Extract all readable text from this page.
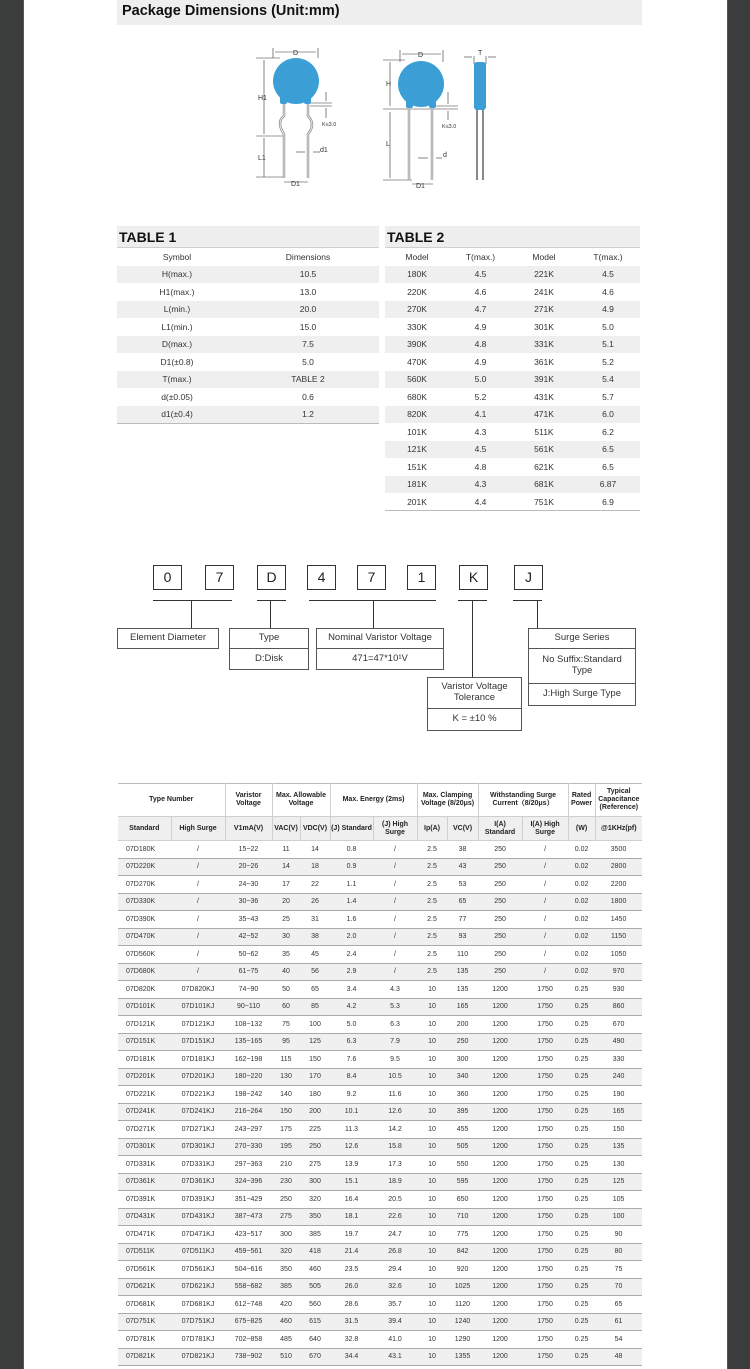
Package Dimensions (Unit:mm)
D
H1
L1
D1
d1
K≤3.0
D
H
L
D1
d
K≤3.0
T
TABLE 1
Symbol	Dimensions
H(max.)	10.5
H1(max.)	13.0
L(min.)	20.0
L1(min.)	15.0
D(max.)	7.5
D1(±0.8)	5.0
T(max.)	TABLE 2
d(±0.05)	0.6
d1(±0.4)	1.2
TABLE 2
Model	T(max.)	Model	T(max.)
180K	4.5	221K	4.5
220K	4.6	241K	4.6
270K	4.7	271K	4.9
330K	4.9	301K	5.0
390K	4.8	331K	5.1
470K	4.9	361K	5.2
560K	5.0	391K	5.4
680K	5.2	431K	5.7
820K	4.1	471K	6.0
101K	4.3	511K	6.2
121K	4.5	561K	6.5
151K	4.8	621K	6.5
181K	4.3	681K	6.87
201K	4.4	751K	6.9
0	7	D	4	7	1	K	J
Element Diameter	Type
D:Disk
Nominal Varistor Voltage
471=47*10¹V
Varistor Voltage Tolerance
K = ±10 %
Surge Series
No Suffix:Standard Type
J:High Surge Type
Type Number		Varistor Voltage	Max. Allowable Voltage		Max. Energy (2ms)		Max. Clamping Voltage (8/20μs)		Withstanding Surge Current（8/20μs）		Rated Power	Typical Capacitance (Reference)
Standard	High Surge	V1mA(V)	VAC(V)	VDC(V)	(J) Standard	(J) High Surge	Ip(A)	VC(V)	I(A) Standard	I(A) High Surge	(W)	@1KHz(pf)
07D180K	/	15~22	11	14	0.8	/	2.5	38	250	/	0.02	3500
07D220K	/	20~26	14	18	0.9	/	2.5	43	250	/	0.02	2800
07D270K	/	24~30	17	22	1.1	/	2.5	53	250	/	0.02	2200
07D330K	/	30~36	20	26	1.4	/	2.5	65	250	/	0.02	1800
07D390K	/	35~43	25	31	1.6	/	2.5	77	250	/	0.02	1450
07D470K	/	42~52	30	38	2.0	/	2.5	93	250	/	0.02	1150
07D560K	/	50~62	35	45	2.4	/	2.5	110	250	/	0.02	1050
07D680K	/	61~75	40	56	2.9	/	2.5	135	250	/	0.02	970
07D820K	07D820KJ	74~90	50	65	3.4	4.3	10	135	1200	1750	0.25	930
07D101K	07D101KJ	90~110	60	85	4.2	5.3	10	165	1200	1750	0.25	860
07D121K	07D121KJ	108~132	75	100	5.0	6.3	10	200	1200	1750	0.25	670
07D151K	07D151KJ	135~165	95	125	6.3	7.9	10	250	1200	1750	0.25	490
07D181K	07D181KJ	162~198	115	150	7.6	9.5	10	300	1200	1750	0.25	330
07D201K	07D201KJ	180~220	130	170	8.4	10.5	10	340	1200	1750	0.25	240
07D221K	07D221KJ	198~242	140	180	9.2	11.6	10	360	1200	1750	0.25	190
07D241K	07D241KJ	216~264	150	200	10.1	12.6	10	395	1200	1750	0.25	165
07D271K	07D271KJ	243~297	175	225	11.3	14.2	10	455	1200	1750	0.25	150
07D301K	07D301KJ	270~330	195	250	12.6	15.8	10	505	1200	1750	0.25	135
07D331K	07D331KJ	297~363	210	275	13.9	17.3	10	550	1200	1750	0.25	130
07D361K	07D361KJ	324~396	230	300	15.1	18.9	10	595	1200	1750	0.25	125
07D391K	07D391KJ	351~429	250	320	16.4	20.5	10	650	1200	1750	0.25	105
07D431K	07D431KJ	387~473	275	350	18.1	22.6	10	710	1200	1750	0.25	100
07D471K	07D471KJ	423~517	300	385	19.7	24.7	10	775	1200	1750	0.25	90
07D511K	07D511KJ	459~561	320	418	21.4	26.8	10	842	1200	1750	0.25	80
07D561K	07D561KJ	504~616	350	460	23.5	29.4	10	920	1200	1750	0.25	75
07D621K	07D621KJ	558~682	385	505	26.0	32.6	10	1025	1200	1750	0.25	70
07D681K	07D681KJ	612~748	420	560	28.6	35.7	10	1120	1200	1750	0.25	65
07D751K	07D751KJ	675~825	460	615	31.5	39.4	10	1240	1200	1750	0.25	61
07D781K	07D781KJ	702~858	485	640	32.8	41.0	10	1290	1200	1750	0.25	54
07D821K	07D821KJ	738~902	510	670	34.4	43.1	10	1355	1200	1750	0.25	48
